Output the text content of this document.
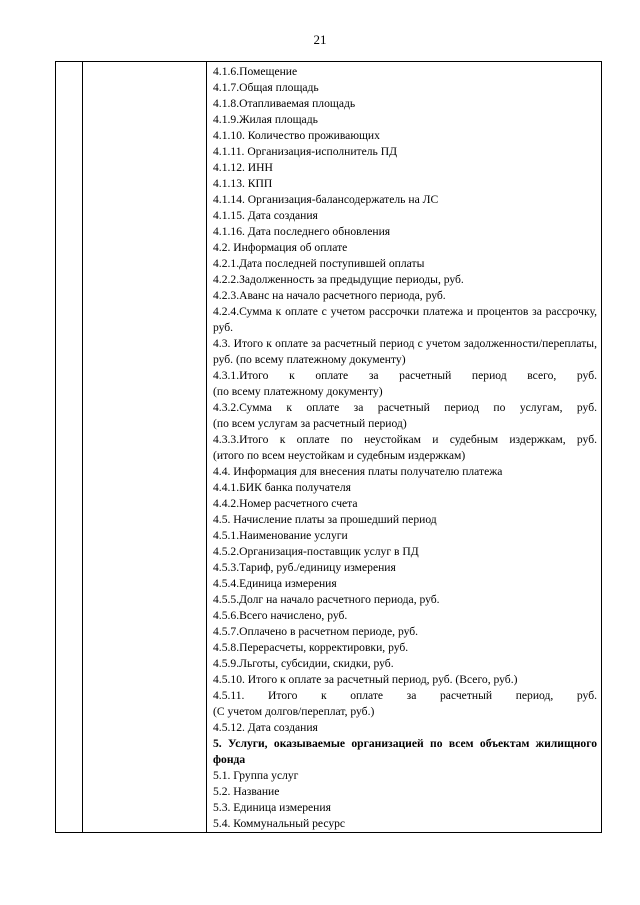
21

4.1.6.Помещение
4.1.7.Общая площадь
4.1.8.Отапливаемая площадь
4.1.9.Жилая площадь
4.1.10. Количество проживающих
4.1.11. Организация-исполнитель ПД
4.1.12. ИНН
4.1.13. КПП
4.1.14. Организация-балансодержатель на ЛС
4.1.15. Дата создания
4.1.16. Дата последнего обновления
4.2. Информация об оплате
4.2.1.Дата последней поступившей оплаты
4.2.2.Задолженность за предыдущие периоды, руб.
4.2.3.Аванс на начало расчетного периода, руб.
4.2.4.Сумма к оплате с учетом рассрочки платежа и процентов за рассрочку, руб.
4.3. Итого к оплате за расчетный период с учетом задолженности/переплаты, руб. (по всему платежному документу)
4.3.1.Итого к оплате за расчетный период всего, руб.
(по всему платежному документу)
4.3.2.Сумма к оплате за расчетный период по услугам, руб.
(по всем услугам за расчетный период)
4.3.3.Итого к оплате по неустойкам и судебным издержкам, руб.
(итого по всем неустойкам и судебным издержкам)
4.4. Информация для внесения платы получателю платежа
4.4.1.БИК банка получателя
4.4.2.Номер расчетного счета
4.5. Начисление платы за прошедший период
4.5.1.Наименование услуги
4.5.2.Организация-поставщик услуг в ПД
4.5.3.Тариф, руб./единицу измерения
4.5.4.Единица измерения
4.5.5.Долг на начало расчетного периода, руб.
4.5.6.Всего начислено, руб.
4.5.7.Оплачено в расчетном периоде, руб.
4.5.8.Перерасчеты, корректировки, руб.
4.5.9.Льготы, субсидии, скидки, руб.
4.5.10. Итого к оплате за расчетный период, руб. (Всего, руб.)
4.5.11. Итого к оплате за расчетный период, руб.
(С учетом долгов/переплат, руб.)
4.5.12. Дата создания
5. Услуги, оказываемые организацией по всем объектам жилищного фонда
5.1. Группа услуг
5.2. Название
5.3. Единица измерения
5.4. Коммунальный ресурс
